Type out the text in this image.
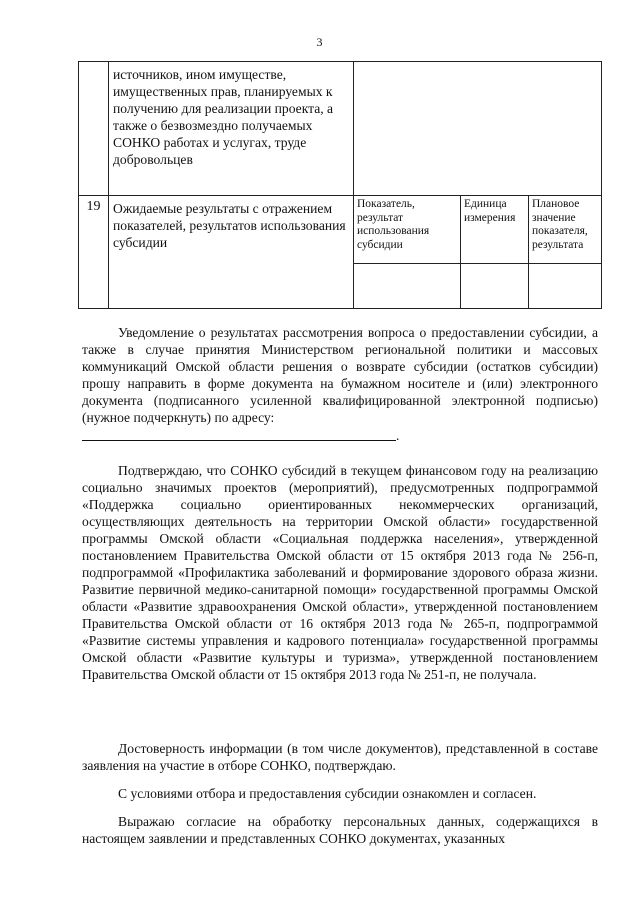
3
	источников, ином имуществе, имущественных прав, планируемых к получению для реализации проекта, а также о безвозмездно получаемых СОНКО работах и услугах, труде добровольцев			
19	Ожидаемые результаты с отражением показателей, результатов использования субсидии	Показатель, результат использования субсидии	Единица измерения	Плановое значение показателя, результата

Уведомление о результатах рассмотрения вопроса о предоставлении субсидии, а также в случае принятия Министерством региональной политики и массовых коммуникаций Омской области решения о возврате субсидии (остатков субсидии) прошу направить в форме документа на бумажном носителе и (или) электронного документа (подписанного усиленной квалифицированной электронной подписью) (нужное подчеркнуть) по адресу:

.

Подтверждаю, что СОНКО субсидий в текущем финансовом году на реализацию социально значимых проектов (мероприятий), предусмотренных подпрограммой «Поддержка социально ориентированных некоммерческих организаций, осуществляющих деятельность на территории Омской области» государственной программы Омской области «Социальная поддержка населения», утвержденной постановлением Правительства Омской области от 15 октября 2013 года № 256-п, подпрограммой «Профилактика заболеваний и формирование здорового образа жизни. Развитие первичной медико-санитарной помощи» государственной программы Омской области «Развитие здравоохранения Омской области», утвержденной постановлением Правительства Омской области от 16 октября 2013 года № 265-п, подпрограммой «Развитие системы управления и кадрового потенциала» государственной программы Омской области «Развитие культуры и туризма», утвержденной постановлением Правительства Омской области от 15 октября 2013 года № 251-п, не получала.

Достоверность информации (в том числе документов), представленной в составе заявления на участие в отборе СОНКО, подтверждаю.

С условиями отбора и предоставления субсидии ознакомлен и согласен.

Выражаю согласие на обработку персональных данных, содержащихся в настоящем заявлении и представленных СОНКО документах, указанных
